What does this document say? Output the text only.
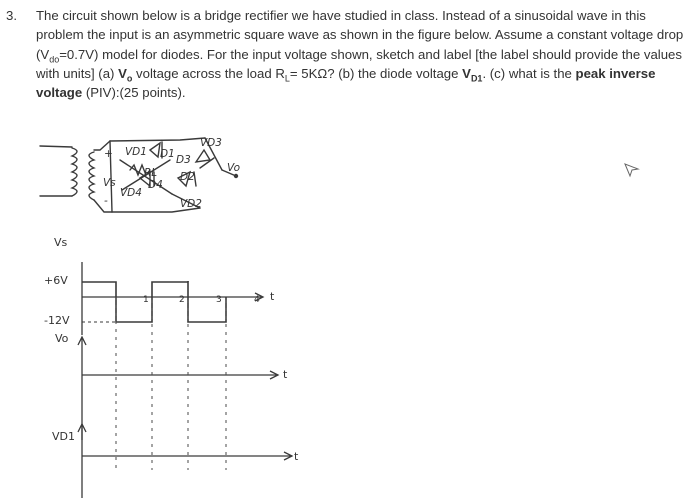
3.	The circuit shown below is a bridge rectifier we have studied in class. Instead of a sinusoidal wave in this problem the input is an asymmetric square wave as shown in the figure below. Assume a constant voltage drop $(V_{do}=0.7V)$ model for diodes. For the input voltage shown, sketch and label [the label should provide the values with units] (a) $V_o$ voltage across the load $R_L= 5K\Omega$? (b) the diode voltage $V_{D1}$. (c) what is the peak inverse voltage (PIV):(25 points).
+
Vs
-
VD1 D1 D3
VD3
D2
VD2
D4
VD4
Vo
RL
Vs
+6V
-12V
t
1	2	3	4
Vo
t
VD1
t
